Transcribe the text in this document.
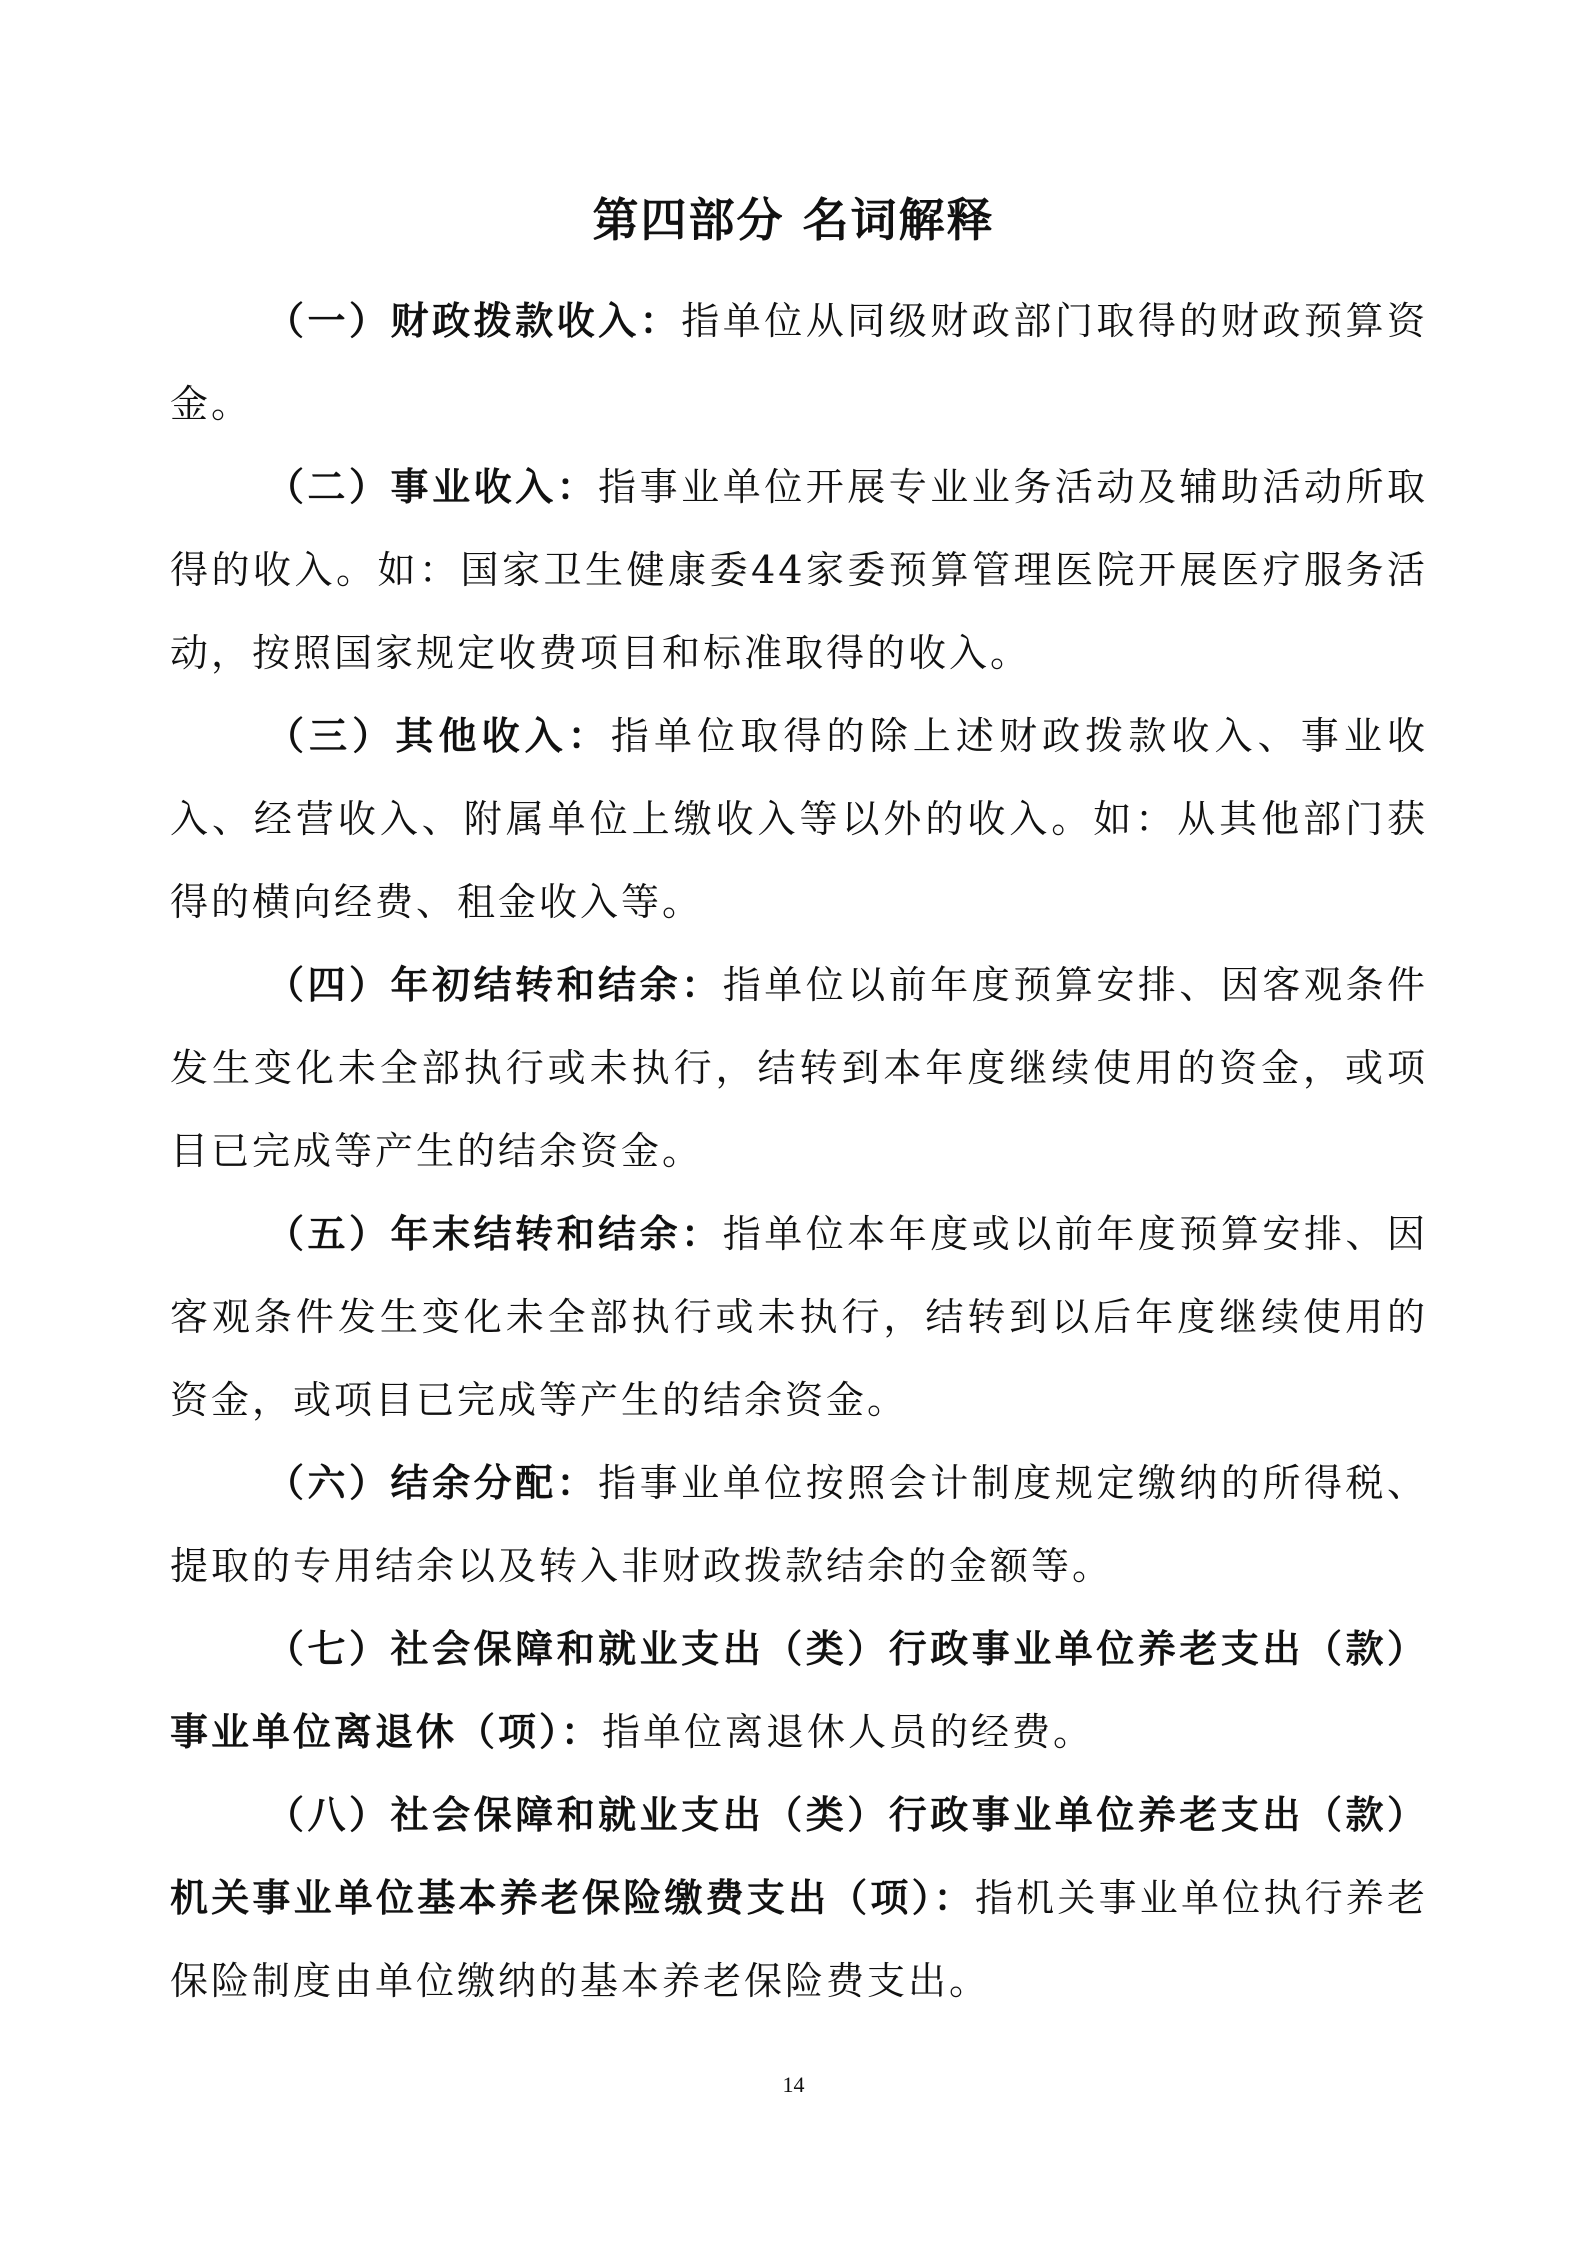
第四部分 名词解释

（一）财政拨款收入：指单位从同级财政部门取得的财政预算资金。

（二）事业收入：指事业单位开展专业业务活动及辅助活动所取得的收入。如：国家卫生健康委44家委预算管理医院开展医疗服务活动，按照国家规定收费项目和标准取得的收入。

（三）其他收入：指单位取得的除上述财政拨款收入、事业收入、经营收入、附属单位上缴收入等以外的收入。如：从其他部门获得的横向经费、租金收入等。

（四）年初结转和结余：指单位以前年度预算安排、因客观条件发生变化未全部执行或未执行，结转到本年度继续使用的资金，或项目已完成等产生的结余资金。

（五）年末结转和结余：指单位本年度或以前年度预算安排、因客观条件发生变化未全部执行或未执行，结转到以后年度继续使用的资金，或项目已完成等产生的结余资金。

（六）结余分配：指事业单位按照会计制度规定缴纳的所得税、提取的专用结余以及转入非财政拨款结余的金额等。

（七）社会保障和就业支出（类）行政事业单位养老支出（款）事业单位离退休（项）：指单位离退休人员的经费。

（八）社会保障和就业支出（类）行政事业单位养老支出（款）机关事业单位基本养老保险缴费支出（项）：指机关事业单位执行养老保险制度由单位缴纳的基本养老保险费支出。

14
